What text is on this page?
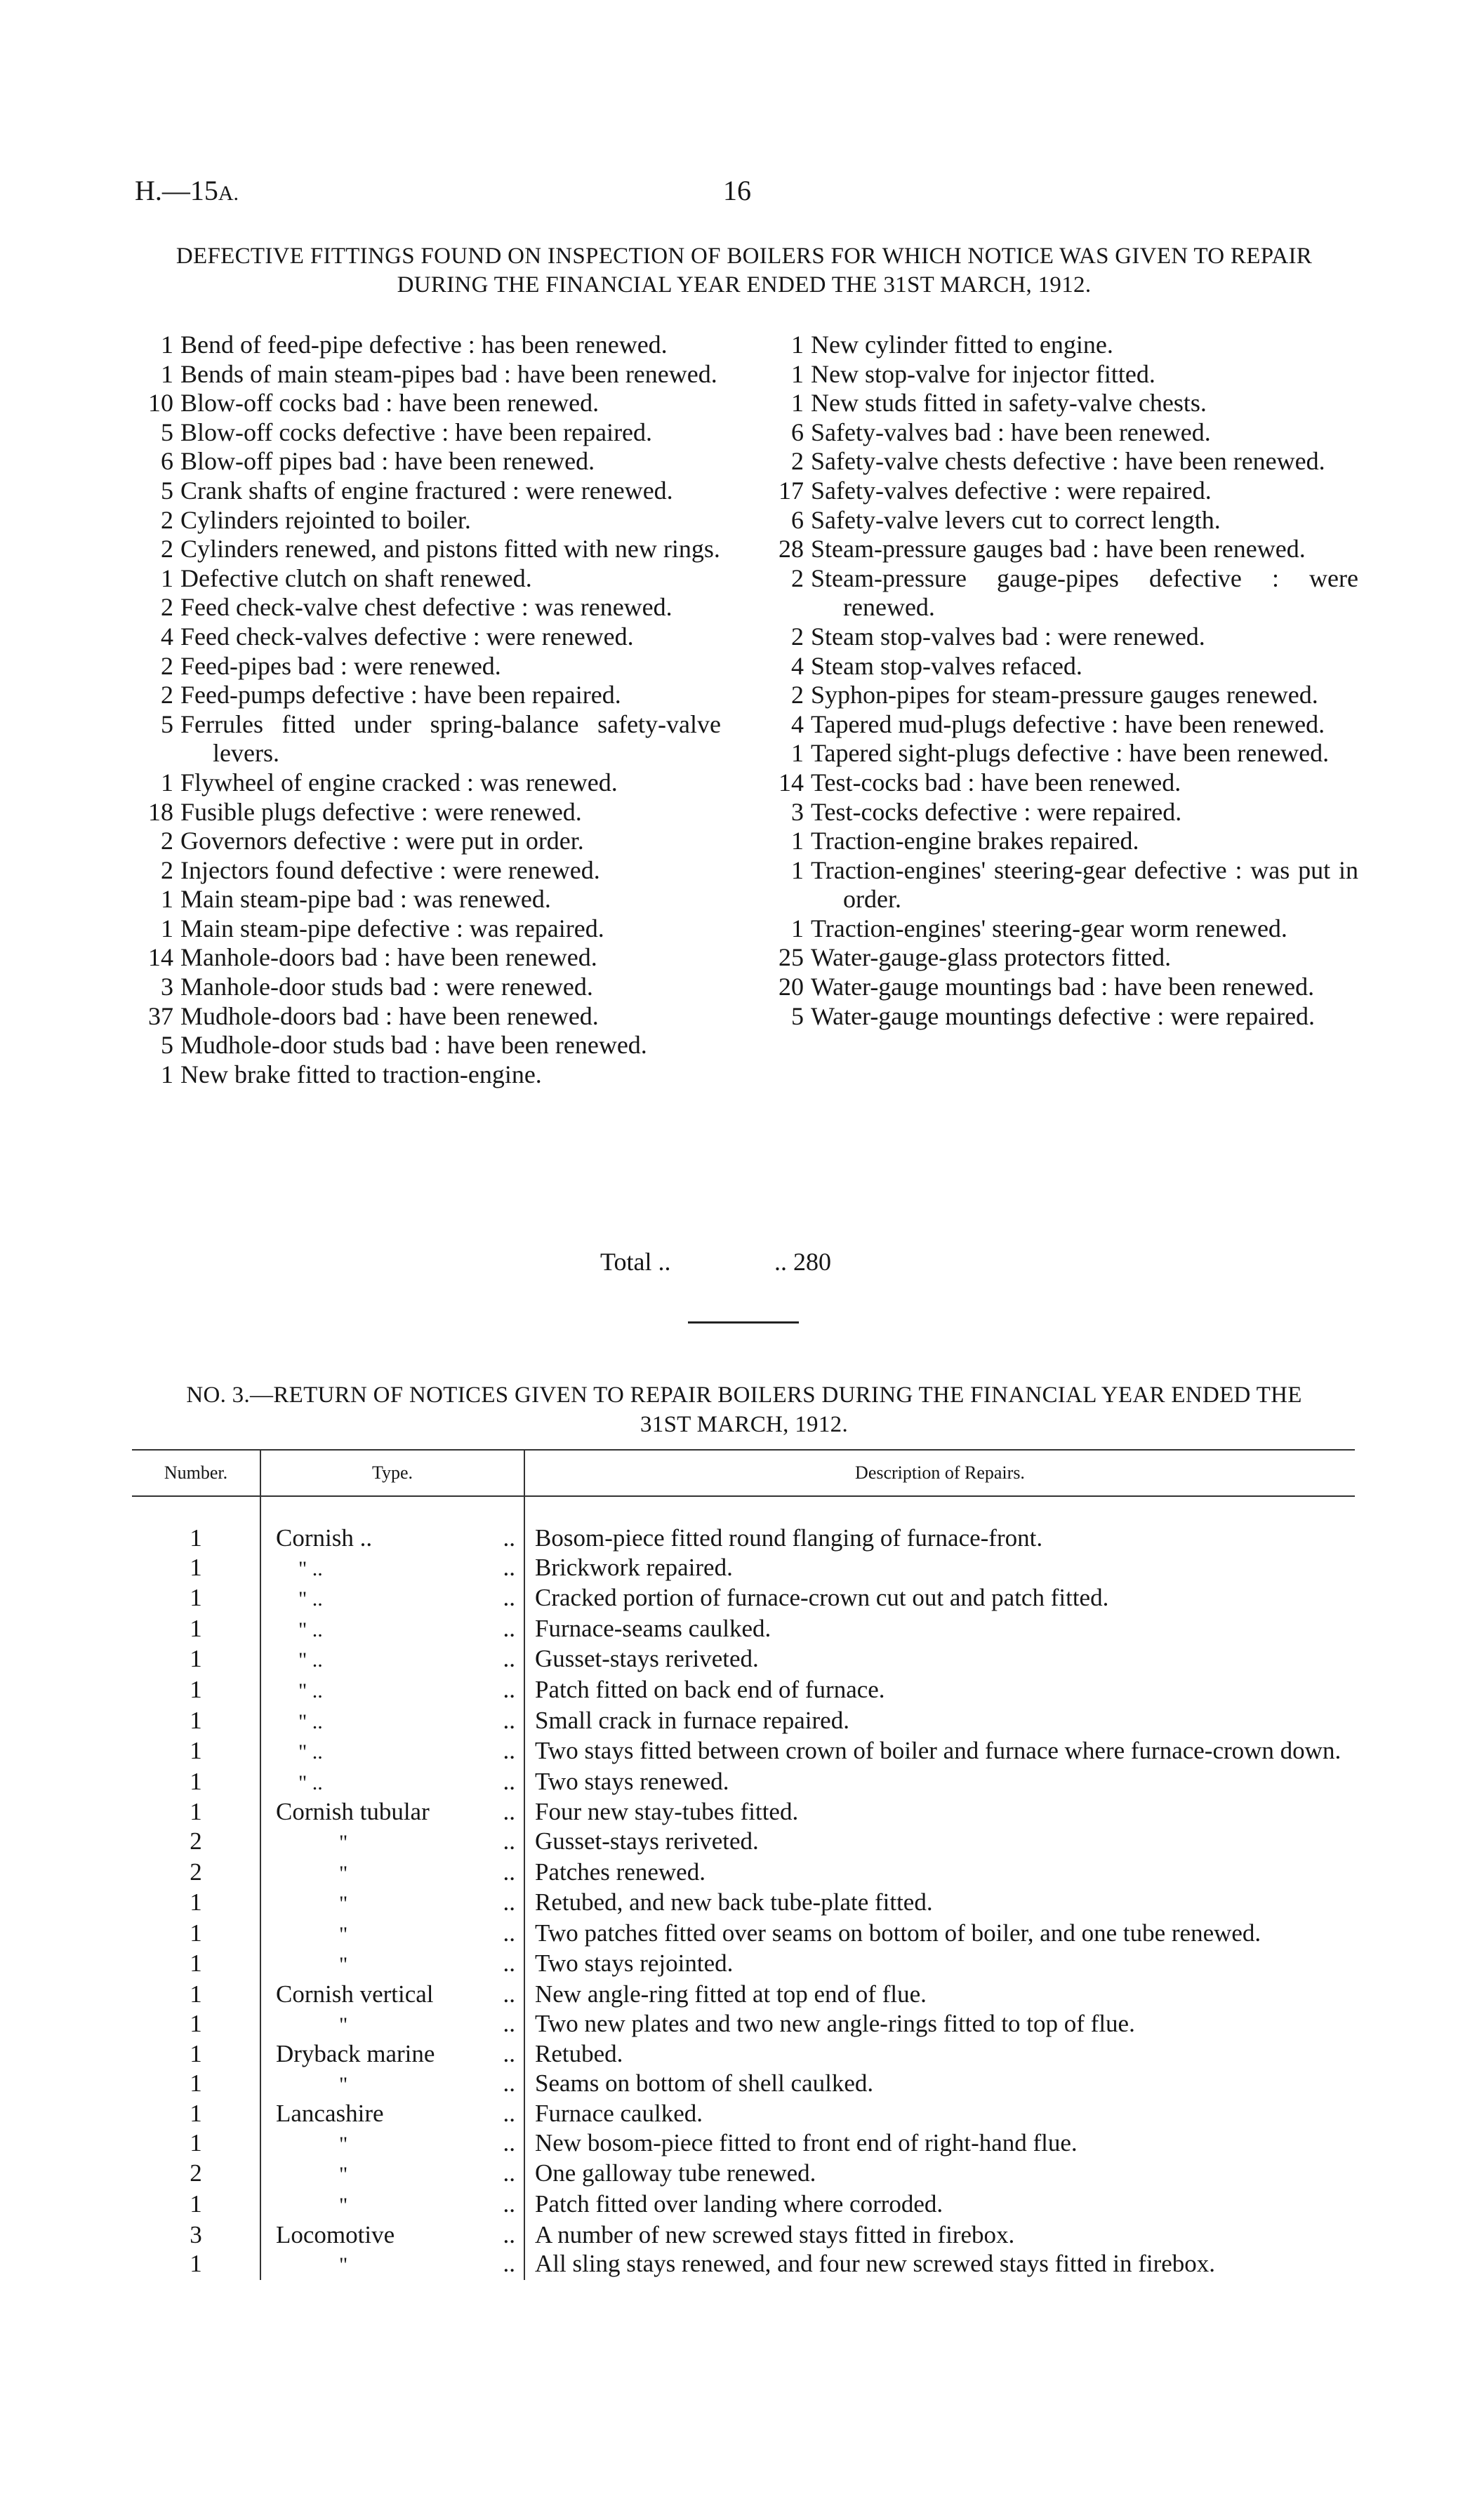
H.—15A.	16
DEFECTIVE FITTINGS FOUND ON INSPECTION OF BOILERS FOR WHICH NOTICE WAS GIVEN TO REPAIR
DURING THE FINANCIAL YEAR ENDED THE 31ST MARCH, 1912.
1 Bend of feed-pipe defective : has been renewed.
1 Bends of main steam-pipes bad : have been renewed.
10 Blow-off cocks bad : have been renewed.
5 Blow-off cocks defective : have been repaired.
6 Blow-off pipes bad : have been renewed.
5 Crank shafts of engine fractured : were renewed.
2 Cylinders rejointed to boiler.
2 Cylinders renewed, and pistons fitted with new rings.
1 Defective clutch on shaft renewed.
2 Feed check-valve chest defective : was renewed.
4 Feed check-valves defective : were renewed.
2 Feed-pipes bad : were renewed.
2 Feed-pumps defective : have been repaired.
5 Ferrules fitted under spring-balance safety-valve levers.
1 Flywheel of engine cracked : was renewed.
18 Fusible plugs defective : were renewed.
2 Governors defective : were put in order.
2 Injectors found defective : were renewed.
1 Main steam-pipe bad : was renewed.
1 Main steam-pipe defective : was repaired.
14 Manhole-doors bad : have been renewed.
3 Manhole-door studs bad : were renewed.
37 Mudhole-doors bad : have been renewed.
5 Mudhole-door studs bad : have been renewed.
1 New brake fitted to traction-engine.
1 New cylinder fitted to engine.
1 New stop-valve for injector fitted.
1 New studs fitted in safety-valve chests.
6 Safety-valves bad : have been renewed.
2 Safety-valve chests defective : have been renewed.
17 Safety-valves defective : were repaired.
6 Safety-valve levers cut to correct length.
28 Steam-pressure gauges bad : have been renewed.
2 Steam-pressure gauge-pipes defective : were renewed.
2 Steam stop-valves bad : were renewed.
4 Steam stop-valves refaced.
2 Syphon-pipes for steam-pressure gauges renewed.
4 Tapered mud-plugs defective : have been renewed.
1 Tapered sight-plugs defective : have been renewed.
14 Test-cocks bad : have been renewed.
3 Test-cocks defective : were repaired.
1 Traction-engine brakes repaired.
1 Traction-engines' steering-gear defective : was put in order.
1 Traction-engines' steering-gear worm renewed.
25 Water-gauge-glass protectors fitted.
20 Water-gauge mountings bad : have been renewed.
5 Water-gauge mountings defective : were repaired.
Total ..	.. 280
NO. 3.—RETURN OF NOTICES GIVEN TO REPAIR BOILERS DURING THE FINANCIAL YEAR ENDED THE
31ST MARCH, 1912.
Number.	Type.	Description of Repairs.

1	Cornish .. ..	Bosom-piece fitted round flanging of furnace-front.

1	" .. ..	Brickwork repaired.

1	" .. ..	Cracked portion of furnace-crown cut out and patch fitted.

1	" .. ..	Furnace-seams caulked.

1	" .. ..	Gusset-stays reriveted.

1	" .. ..	Patch fitted on back end of furnace.

1	" .. ..	Small crack in furnace repaired.

1	" .. ..	Two stays fitted between crown of boiler and furnace where furnace-crown down.

1	" .. ..	Two stays renewed.

1	Cornish tubular ..	Four new stay-tubes fitted.

2	" ..	Gusset-stays reriveted.

2	" ..	Patches renewed.

1	" ..	Retubed, and new back tube-plate fitted.

1	" ..	Two patches fitted over seams on bottom of boiler, and one tube renewed.

1	" ..	Two stays rejointed.

1	Cornish vertical ..	New angle-ring fitted at top end of flue.

1	" ..	Two new plates and two new angle-rings fitted to top of flue.

1	Dryback marine ..	Retubed.

1	" ..	Seams on bottom of shell caulked.

1	Lancashire ..	Furnace caulked.

1	" ..	New bosom-piece fitted to front end of right-hand flue.

2	" ..	One galloway tube renewed.

1	" ..	Patch fitted over landing where corroded.

3	Locomotive ..	A number of new screwed stays fitted in firebox.

1	" ..	All sling stays renewed, and four new screwed stays fitted in firebox.
